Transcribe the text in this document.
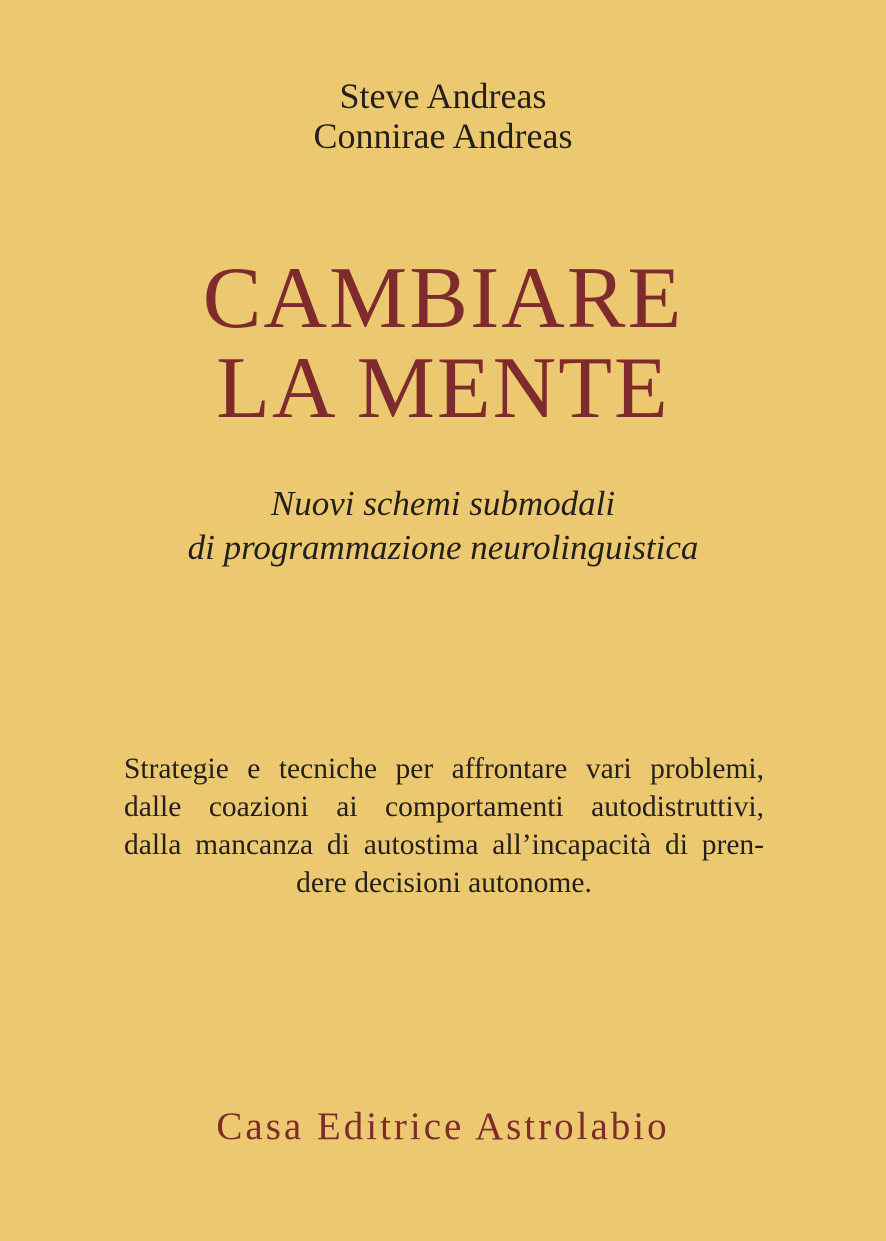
Steve Andreas
Connirae Andreas
CAMBIARE
LA MENTE
Nuovi schemi submodali
di programmazione neurolinguistica
Strategie e tecniche per affrontare vari problemi,
dalle coazioni ai comportamenti autodistruttivi,
dalla mancanza di autostima all’incapacità di pren-
dere decisioni autonome.
Casa Editrice Astrolabio
